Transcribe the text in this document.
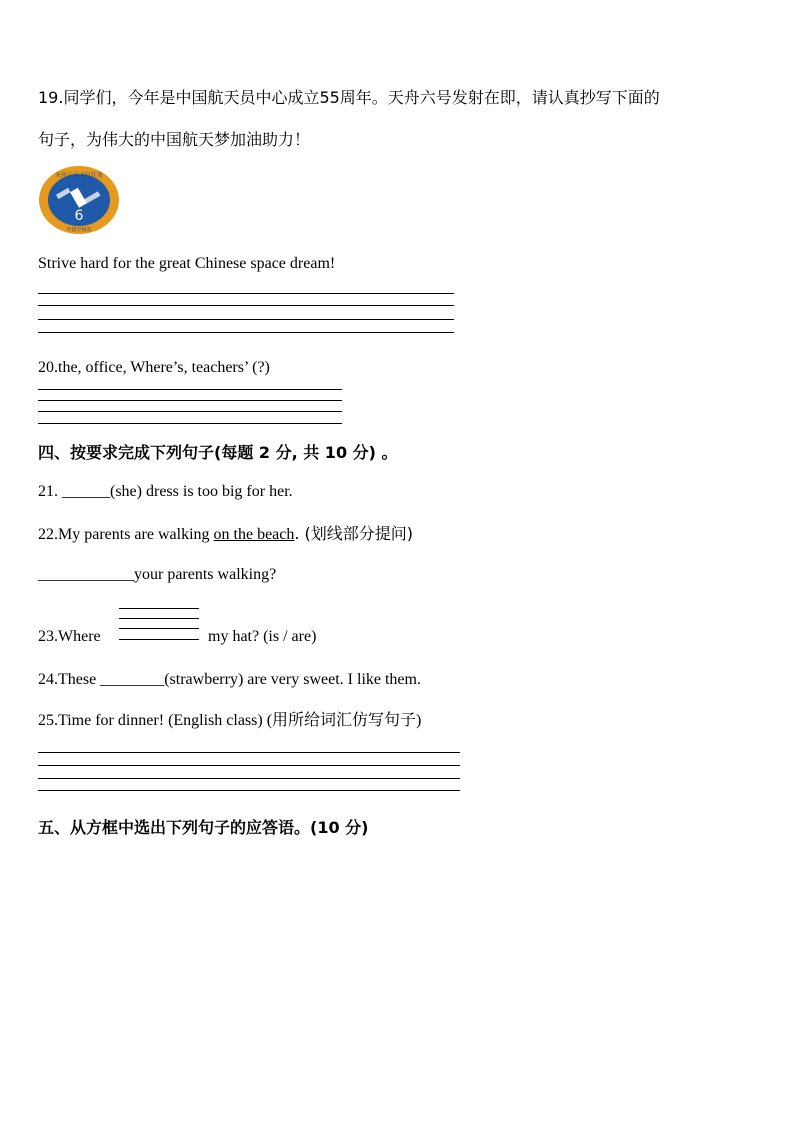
19.同学们，今年是中国航天员中心成立55周年。天舟六号发射在即，请认真抄写下面的
句子，为伟大的中国航天梦加油助力！
6
天舟六号飞行任务
中国空间站
Strive hard for the great Chinese space dream!
20.the, office, Where’s, teachers’ (?)
四、按要求完成下列句子(每题 2 分, 共 10 分) 。
21. ______(she) dress is too big for her.
22.My parents are walking on the beach. (划线部分提问)
____________your parents walking?
23.Where	my hat? (is / are)
24.These ________(strawberry) are very sweet. I like them.
25.Time for dinner! (English class) (用所给词汇仿写句子)
五、从方框中选出下列句子的应答语。(10 分)
